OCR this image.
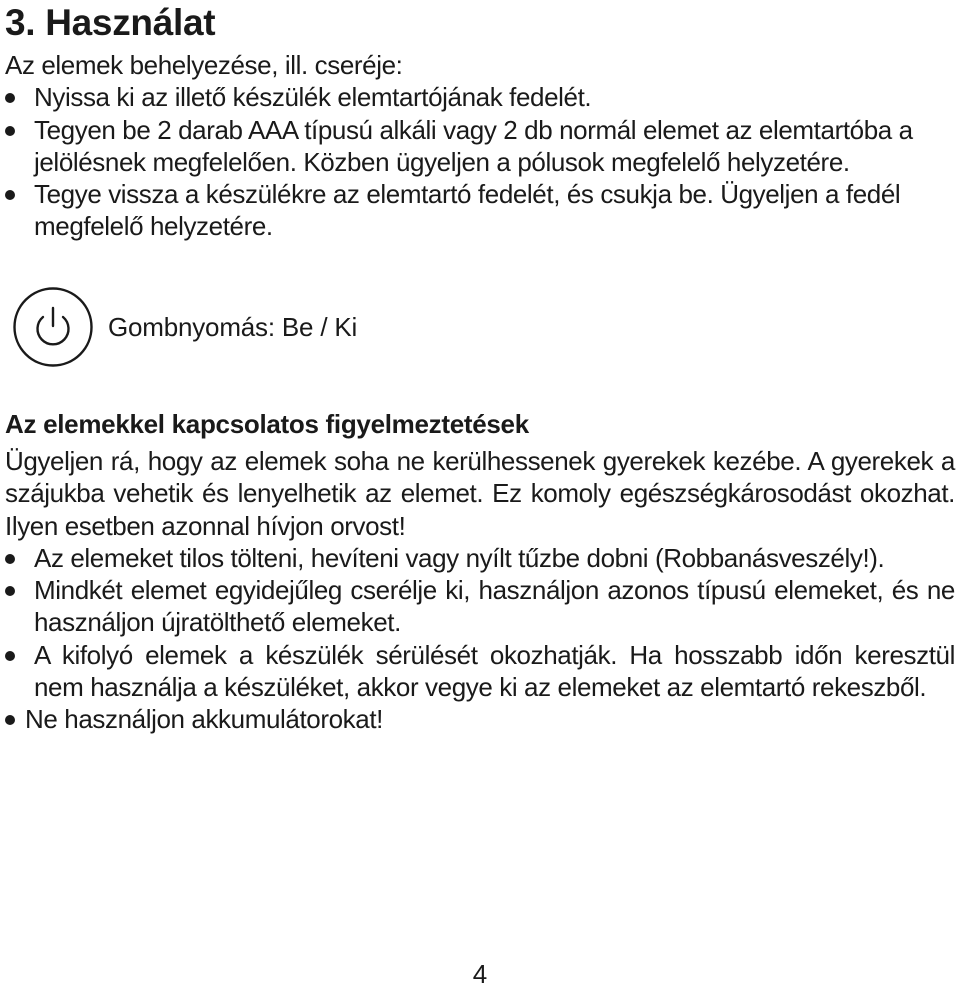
3. Használat

Az elemek behelyezése, ill. cseréje:

Nyissa ki az illető készülék elemtartójának fedelét.
Tegyen be 2 darab AAA típusú alkáli vagy 2 db normál elemet az elemtartóba a jelölésnek megfelelően. Közben ügyeljen a pólusok megfelelő helyzetére.
Tegye vissza a készülékre az elemtartó fedelét, és csukja be. Ügyeljen a fedél megfelelő helyzetére.
Gombnyomás: Be / Ki
Az elemekkel kapcsolatos figyelmeztetések

Ügyeljen rá, hogy az elemek soha ne kerülhessenek gyerekek kezébe. A gyerekek a szájukba vehetik és lenyelhetik az elemet. Ez komoly egészségkárosodást okozhat. Ilyen esetben azonnal hívjon orvost!

Az elemeket tilos tölteni, hevíteni vagy nyílt tűzbe dobni (Robbanásveszély!).
Mindkét elemet egyidejűleg cserélje ki, használjon azonos típusú elemeket, és ne használjon újratölthető elemeket.
A kifolyó elemek a készülék sérülését okozhatják. Ha hosszabb időn keresztül nem használja a készüléket, akkor vegye ki az elemeket az elemtartó rekeszből.
Ne használjon akkumulátorokat!
4
